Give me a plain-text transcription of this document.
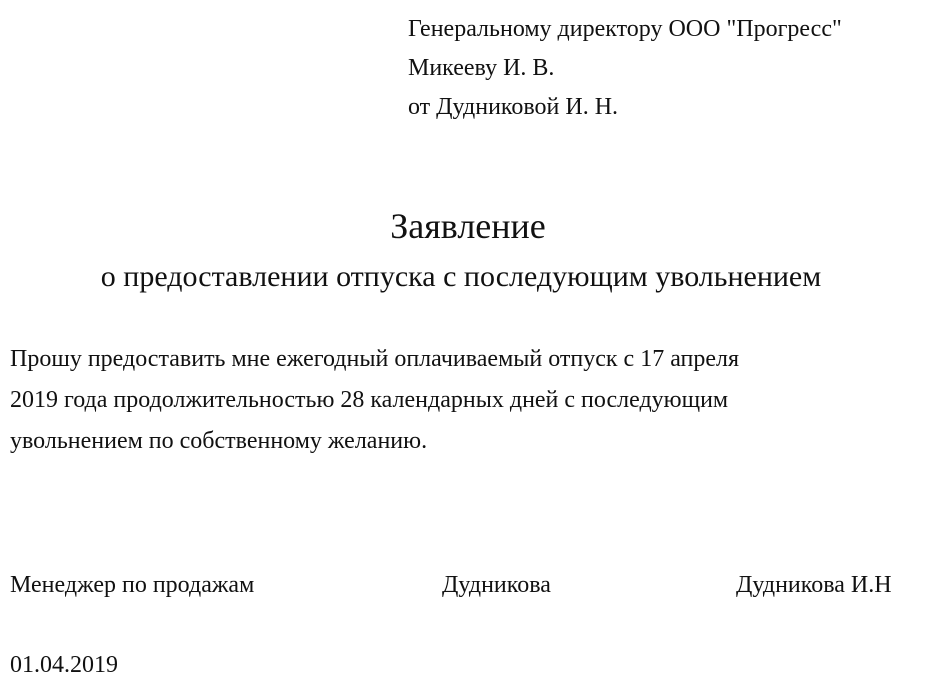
Генеральному директору ООО "Прогресс"
Микееву И. В.
от Дудниковой И. Н.
Заявление
о предоставлении отпуска с последующим увольнением
Прошу предоставить мне ежегодный оплачиваемый отпуск с 17 апреля
2019 года продолжительностью 28 календарных дней с последующим
увольнением по собственному желанию.
Менеджер по продажам	Дудникова	Дудникова И.Н
01.04.2019
